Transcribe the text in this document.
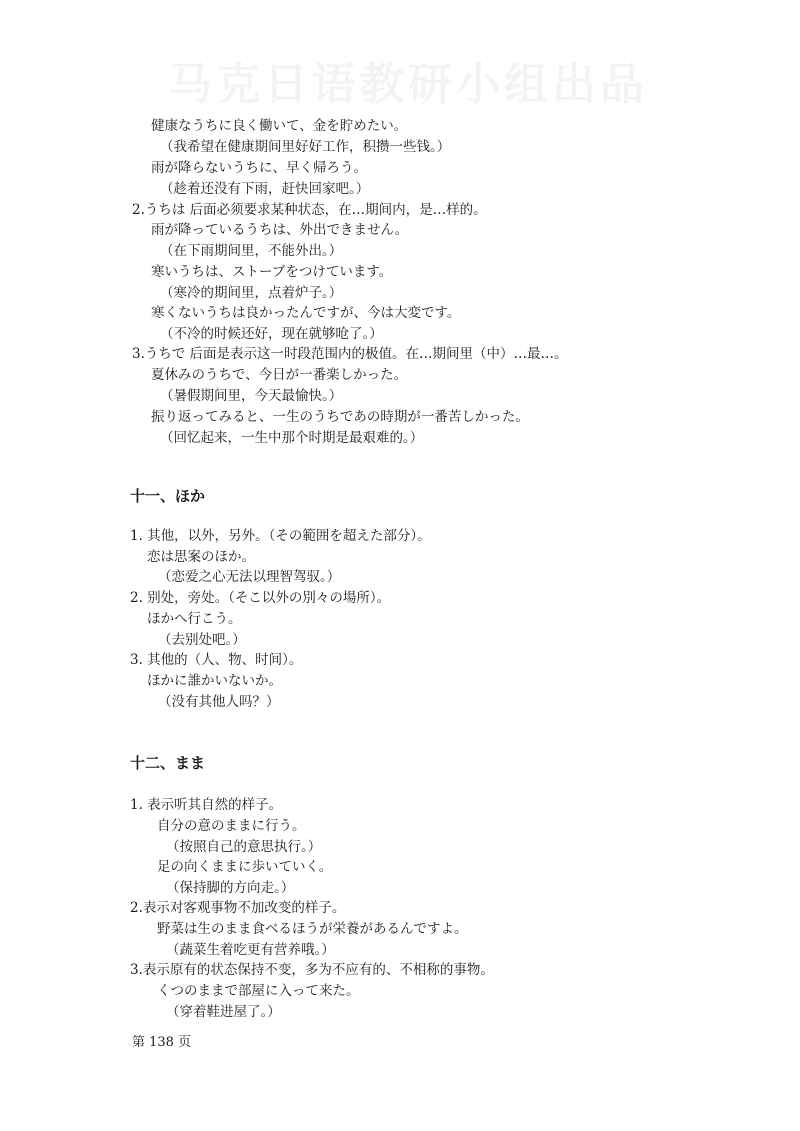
马克日语教研小组出品
健康なうちに良く働いて、金を貯めたい。
（我希望在健康期间里好好工作，积攒一些钱。）
雨が降らないうちに、早く帰ろう。
（趁着还没有下雨，赶快回家吧。）
2.うちは 后面必须要求某种状态，在…期间内，是…样的。
雨が降っているうちは、外出できません。
（在下雨期间里，不能外出。）
寒いうちは、ストーブをつけています。
（寒冷的期间里，点着炉子。）
寒くないうちは良かったんですが、今は大変です。
（不冷的时候还好，现在就够呛了。）
3.うちで 后面是表示这一时段范围内的极值。在…期间里（中）…最…。
夏休みのうちで、今日が一番楽しかった。
（暑假期间里，今天最愉快。）
振り返ってみると、一生のうちであの時期が一番苦しかった。
（回忆起来，一生中那个时期是最艰难的。）
十一、ほか
1. 其他，以外，另外。（その範囲を超えた部分）。
恋は思案のほか。
（恋爱之心无法以理智驾驭。）
2. 别处，旁处。（そこ以外の別々の場所）。
ほかへ行こう。
（去别处吧。）
3. 其他的（人、物、时间）。
ほかに誰かいないか。
（没有其他人吗？）
十二、まま
1. 表示听其自然的样子。
自分の意のままに行う。
（按照自己的意思执行。）
足の向くままに歩いていく。
（保持脚的方向走。）
2.表示对客观事物不加改变的样子。
野菜は生のまま食べるほうが栄養があるんですよ。
（蔬菜生着吃更有营养哦。）
3.表示原有的状态保持不变，多为不应有的、不相称的事物。
くつのままで部屋に入って来た。
（穿着鞋进屋了。）
第 138 页
